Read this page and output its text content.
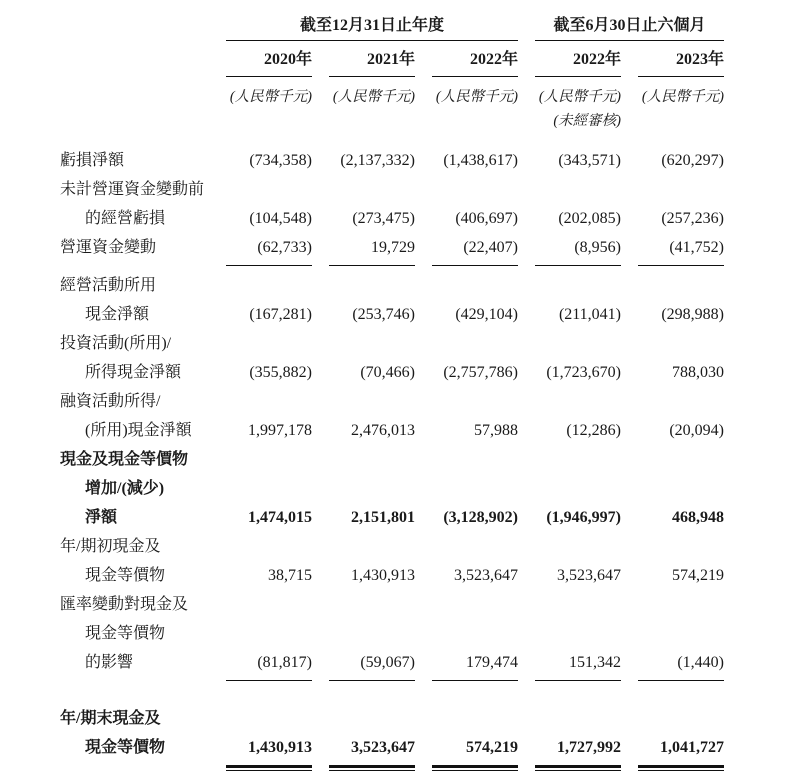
截至12月31日止年度	截至6月30日止六個月
2020年	2021年	2022年	2022年	2023年
(人民幣千元)	(人民幣千元)	(人民幣千元)	(人民幣千元)	(人民幣千元)
(未經審核)
虧損淨額	(734,358)	(2,137,332)	(1,438,617)	(343,571)	(620,297)
未計營運資金變動前
的經營虧損	(104,548)	(273,475)	(406,697)	(202,085)	(257,236)
營運資金變動	(62,733)	19,729	(22,407)	(8,956)	(41,752)
經營活動所用
現金淨額	(167,281)	(253,746)	(429,104)	(211,041)	(298,988)
投資活動(所用)/
所得現金淨額	(355,882)	(70,466)	(2,757,786)	(1,723,670)	788,030
融資活動所得/
(所用)現金淨額	1,997,178	2,476,013	57,988	(12,286)	(20,094)
現金及現金等價物
增加/(減少)
淨額	1,474,015	2,151,801	(3,128,902)	(1,946,997)	468,948
年/期初現金及
現金等價物	38,715	1,430,913	3,523,647	3,523,647	574,219
匯率變動對現金及
現金等價物
的影響	(81,817)	(59,067)	179,474	151,342	(1,440)
年/期末現金及
現金等價物	1,430,913	3,523,647	574,219	1,727,992	1,041,727
